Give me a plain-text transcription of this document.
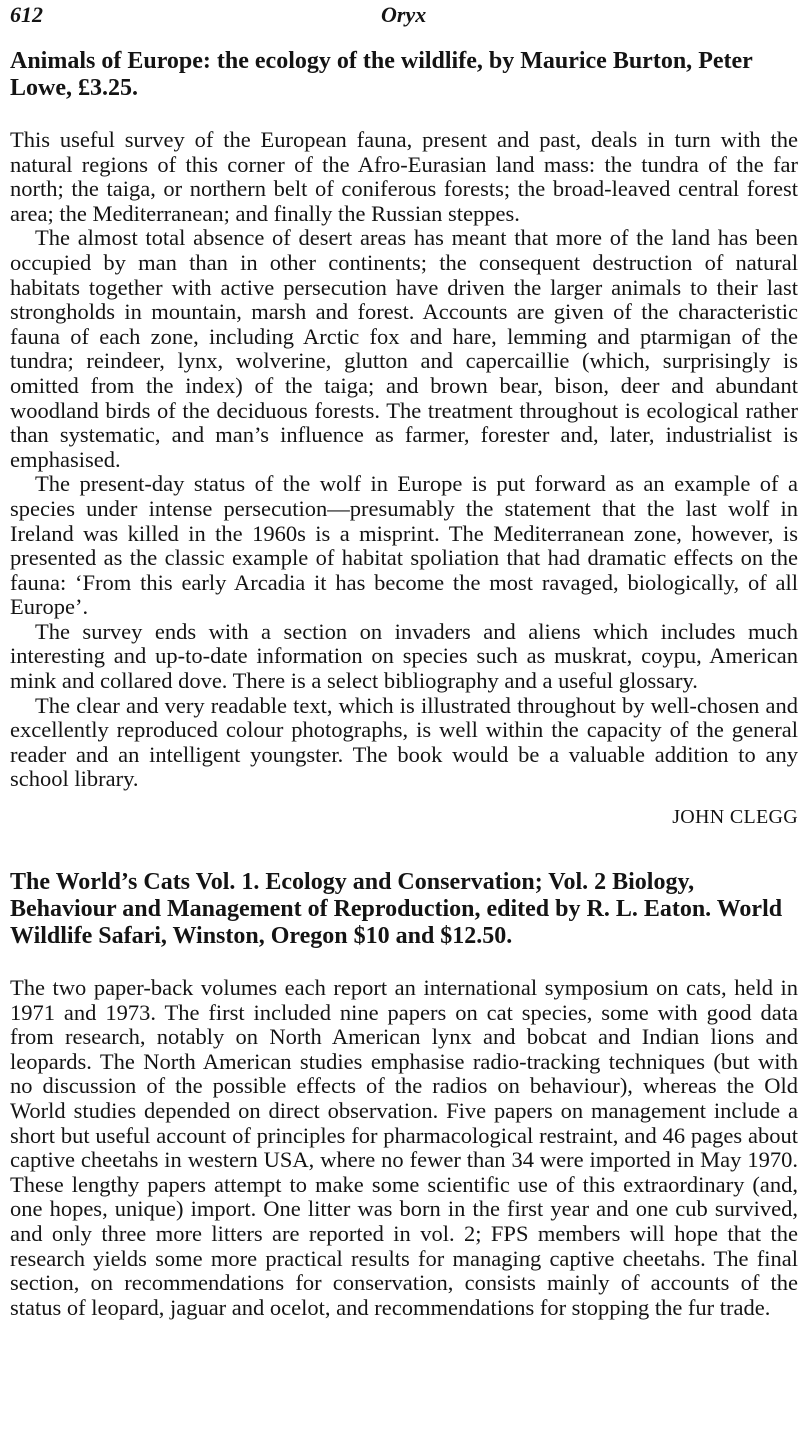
612	Oryx
Animals of Europe: the ecology of the wildlife, by Maurice Burton, Peter Lowe, £3.25.

This useful survey of the European fauna, present and past, deals in turn with the natural regions of this corner of the Afro-Eurasian land mass: the tundra of the far north; the taiga, or northern belt of coniferous forests; the broad-leaved central forest area; the Mediterranean; and finally the Russian steppes.

The almost total absence of desert areas has meant that more of the land has been occupied by man than in other continents; the consequent destruction of natural habitats together with active persecution have driven the larger animals to their last strongholds in mountain, marsh and forest. Accounts are given of the characteristic fauna of each zone, including Arctic fox and hare, lemming and ptarmigan of the tundra; reindeer, lynx, wolverine, glutton and capercaillie (which, surprisingly is omitted from the index) of the taiga; and brown bear, bison, deer and abundant woodland birds of the deciduous forests. The treatment throughout is ecological rather than systematic, and man’s influence as farmer, forester and, later, industrialist is emphasised.

The present-day status of the wolf in Europe is put forward as an example of a species under intense persecution—presumably the statement that the last wolf in Ireland was killed in the 1960s is a misprint. The Mediterranean zone, however, is presented as the classic example of habitat spoliation that had dramatic effects on the fauna: ‘From this early Arcadia it has become the most ravaged, biologically, of all Europe’.

The survey ends with a section on invaders and aliens which includes much interesting and up-to-date information on species such as muskrat, coypu, American mink and collared dove. There is a select bibliography and a useful glossary.

The clear and very readable text, which is illustrated throughout by well-chosen and excellently reproduced colour photographs, is well within the capacity of the general reader and an intelligent youngster. The book would be a valuable addition to any school library.

JOHN CLEGG
The World’s Cats Vol. 1. Ecology and Conservation; Vol. 2 Biology, Behaviour and Management of Reproduction, edited by R. L. Eaton. World Wildlife Safari, Winston, Oregon $10 and $12.50.

The two paper-back volumes each report an international symposium on cats, held in 1971 and 1973. The first included nine papers on cat species, some with good data from research, notably on North American lynx and bobcat and Indian lions and leopards. The North American studies emphasise radio-tracking techniques (but with no discussion of the possible effects of the radios on behaviour), whereas the Old World studies depended on direct observation. Five papers on management include a short but useful account of principles for pharmacological restraint, and 46 pages about captive cheetahs in western USA, where no fewer than 34 were imported in May 1970. These lengthy papers attempt to make some scientific use of this extraordinary (and, one hopes, unique) import. One litter was born in the first year and one cub survived, and only three more litters are reported in vol. 2; FPS members will hope that the research yields some more practical results for managing captive cheetahs. The final section, on recommendations for conservation, consists mainly of accounts of the status of leopard, jaguar and ocelot, and recommendations for stopping the fur trade.
